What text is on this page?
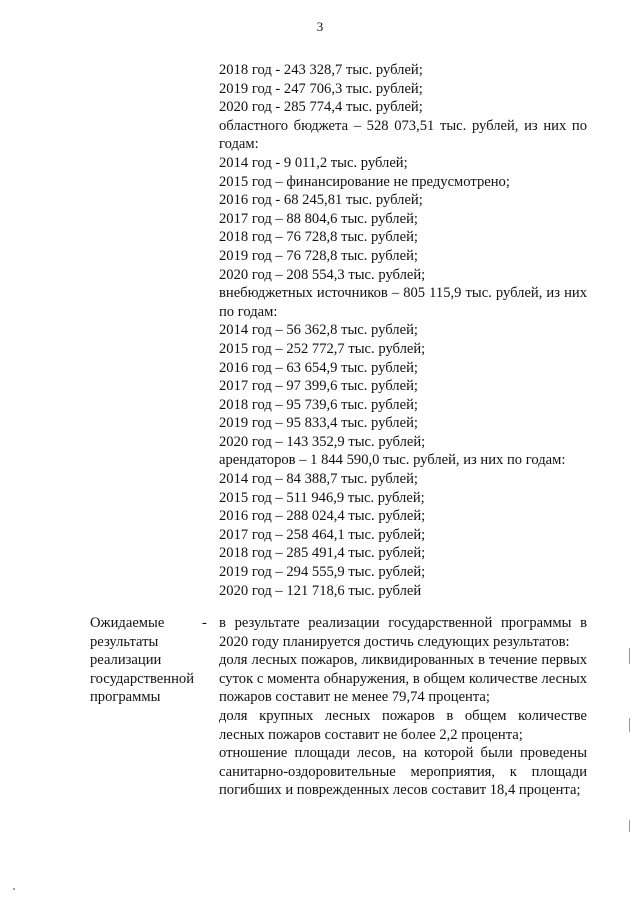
3
2018 год - 243 328,7 тыс. рублей;
2019 год - 247 706,3 тыс. рублей;
2020 год - 285 774,4 тыс. рублей;
областного бюджета – 528 073,51 тыс. рублей, из них по годам:
2014 год - 9 011,2 тыс. рублей;
2015 год – финансирование не предусмотрено;
2016 год - 68 245,81 тыс. рублей;
2017 год – 88 804,6 тыс. рублей;
2018 год – 76 728,8 тыс. рублей;
2019 год – 76 728,8 тыс. рублей;
2020 год – 208 554,3 тыс. рублей;
внебюджетных источников – 805 115,9 тыс. рублей, из них по годам:
2014 год – 56 362,8 тыс. рублей;
2015 год – 252 772,7 тыс. рублей;
2016 год – 63 654,9 тыс. рублей;
2017 год – 97 399,6 тыс. рублей;
2018 год – 95 739,6 тыс. рублей;
2019 год – 95 833,4 тыс. рублей;
2020 год – 143 352,9 тыс. рублей;
арендаторов – 1 844 590,0 тыс. рублей, из них по годам:
2014 год – 84 388,7 тыс. рублей;
2015 год – 511 946,9 тыс. рублей;
2016 год – 288 024,4 тыс. рублей;
2017 год – 258 464,1 тыс. рублей;
2018 год – 285 491,4 тыс. рублей;
2019 год – 294 555,9 тыс. рублей;
2020 год – 121 718,6 тыс. рублей
Ожидаемые
результаты
реализации
государственной
программы
- в результате реализации государственной программы в 2020 году планируется достичь следующих результатов:
доля лесных пожаров, ликвидированных в течение первых суток с момента обнаружения, в общем количестве лесных пожаров составит не менее 79,74 процента;
доля крупных лесных пожаров в общем количестве лесных пожаров составит не более 2,2 процента;
отношение площади лесов, на которой были проведены санитарно-оздоровительные мероприятия, к площади погибших и поврежденных лесов составит 18,4 процента;
